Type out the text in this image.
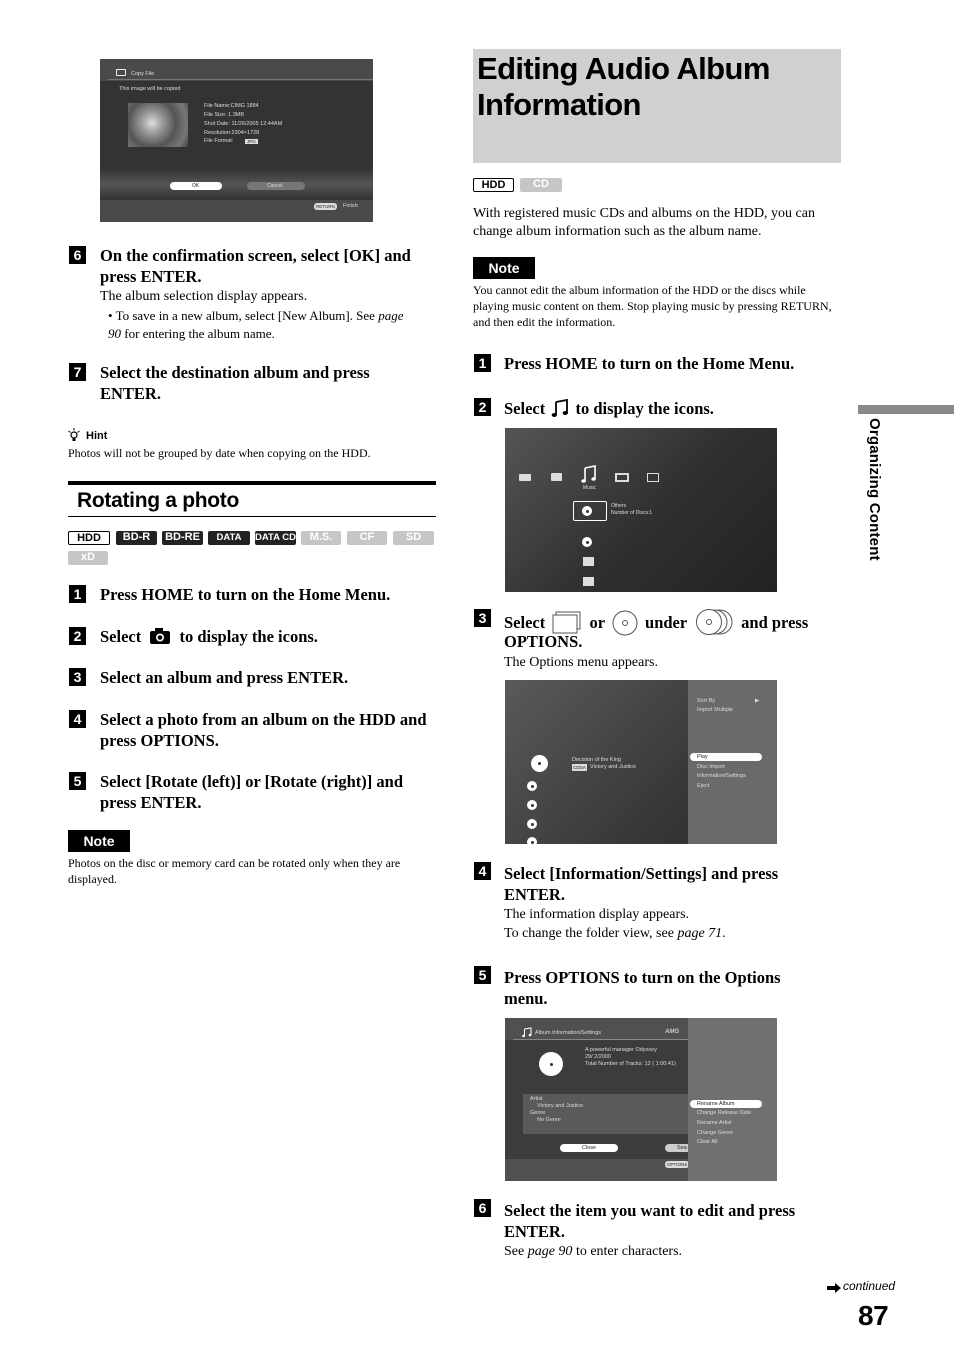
Copy File
This image will be copied
File Name:CIMG 1884
File Size: 1.3MB
Shot Date: 11/26/2005 12:44AM
Resolution:2304×1728
File Format:	JPG
OK	Cancel
RETURN	Finish
6 On the confirmation screen, select [OK] and press ENTER.
The album selection display appears.
• To save in a new album, select [New Album]. See page 90 for entering the album name.
7 Select the destination album and press ENTER.
Hint
Photos will not be grouped by date when copying on the HDD.
Rotating a photo
HDD	BD-R	BD-RE	DATA DVD
DATA CD	M.S.	CF	SD
xD
1 Press HOME to turn on the Home Menu.
2 Select to display the icons.
3 Select an album and press ENTER.
4 Select a photo from an album on the HDD and press OPTIONS.
5 Select [Rotate (left)] or [Rotate (right)] and press ENTER.
Note
Photos on the disc or memory card can be rotated only when they are displayed.
Editing Audio Album Information
HDD	CD
With registered music CDs and albums on the HDD, you can change album information such as the album name.
Note
You cannot edit the album information of the HDD or the discs while playing music content on them. Stop playing music by pressing RETURN, and then edit the information.
1 Press HOME to turn on the Home Menu.
2 Select to display the icons.
Music
Others
Number of Discs:1
3 Select	or under	and press
OPTIONS.
The Options menu appears.
Sort By	▶
Import Multiple
Decision of the King
CDDA Victory and Justice
Play
Disc Import
Information/Settings
Eject
4 Select [Information/Settings] and press ENTER.
The information display appears.
To change the folder view, see page 71.
5 Press OPTIONS to turn on the Options menu.
Album Information/Settings	AMG
A powerful manager Odyssey
29/ 2/2000
Total Number of Tracks: 12 ( 1:00:41)
Artist
Victory and Justice
Genre
No Genre
Close	Sea
OPTIONS
Rename Album
Change Release Date
Rename Artist
Change Genre
Clear All
6 Select the item you want to edit and press ENTER.
See page 90 to enter characters.
Organizing Content
continued
87
